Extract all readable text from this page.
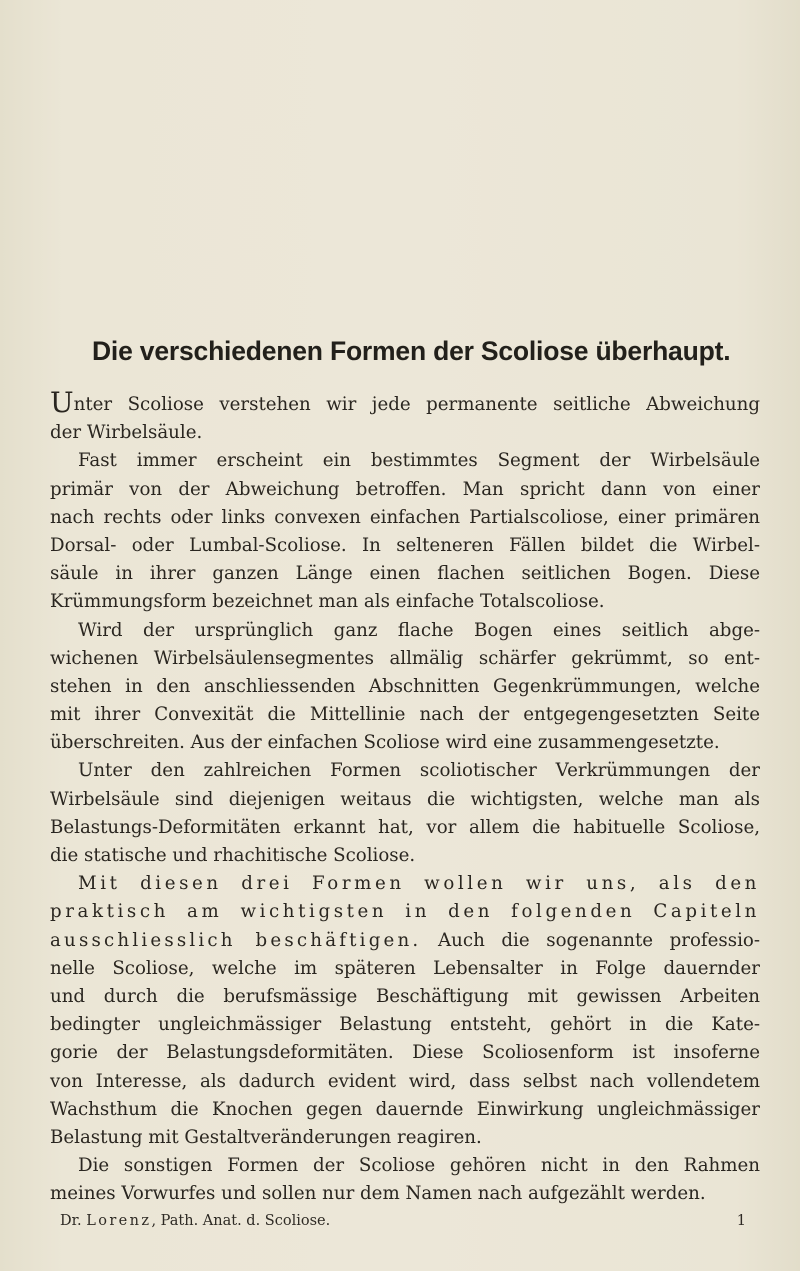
Die verschiedenen Formen der Scoliose überhaupt.
Unter Scoliose verstehen wir jede permanente seitliche Abweichung
der Wirbelsäule.
Fast immer erscheint ein bestimmtes Segment der Wirbelsäule
primär von der Abweichung betroffen. Man spricht dann von einer
nach rechts oder links convexen einfachen Partialscoliose, einer primären
Dorsal- oder Lumbal-Scoliose. In selteneren Fällen bildet die Wirbel-
säule in ihrer ganzen Länge einen flachen seitlichen Bogen. Diese
Krümmungsform bezeichnet man als einfache Totalscoliose.
Wird der ursprünglich ganz flache Bogen eines seitlich abge-
wichenen Wirbelsäulensegmentes allmälig schärfer gekrümmt, so ent-
stehen in den anschliessenden Abschnitten Gegenkrümmungen, welche
mit ihrer Convexität die Mittellinie nach der entgegengesetzten Seite
überschreiten. Aus der einfachen Scoliose wird eine zusammengesetzte.
Unter den zahlreichen Formen scoliotischer Verkrümmungen der
Wirbelsäule sind diejenigen weitaus die wichtigsten, welche man als
Belastungs-Deformitäten erkannt hat, vor allem die habituelle Scoliose,
die statische und rhachitische Scoliose.
Mit diesen drei Formen wollen wir uns, als den
praktisch am wichtigsten in den folgenden Capiteln
ausschliesslich beschäftigen. Auch die sogenannte professio-
nelle Scoliose, welche im späteren Lebensalter in Folge dauernder
und durch die berufsmässige Beschäftigung mit gewissen Arbeiten
bedingter ungleichmässiger Belastung entsteht, gehört in die Kate-
gorie der Belastungsdeformitäten. Diese Scoliosenform ist insoferne
von Interesse, als dadurch evident wird, dass selbst nach vollendetem
Wachsthum die Knochen gegen dauernde Einwirkung ungleichmässiger
Belastung mit Gestaltveränderungen reagiren.
Die sonstigen Formen der Scoliose gehören nicht in den Rahmen
meines Vorwurfes und sollen nur dem Namen nach aufgezählt werden.
Dr. Lorenz, Path. Anat. d. Scoliose.	1
